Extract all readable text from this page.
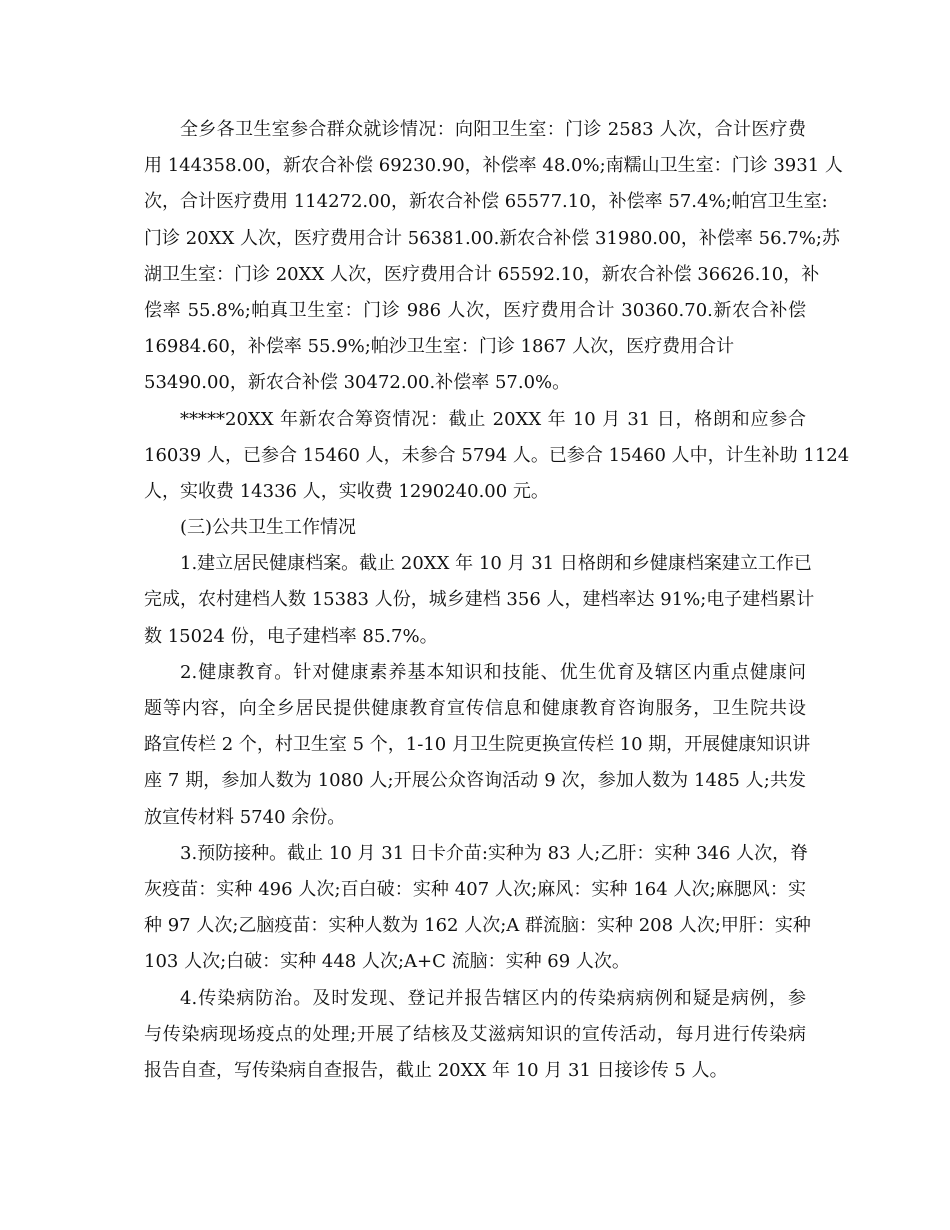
全乡各卫生室参合群众就诊情况：向阳卫生室：门诊 2583 人次，合计医疗费
用 144358.00，新农合补偿 69230.90，补偿率 48.0%;南糯山卫生室：门诊 3931 人
次，合计医疗费用 114272.00，新农合补偿 65577.10，补偿率 57.4%;帕宫卫生室:
门诊 20XX 人次，医疗费用合计 56381.00.新农合补偿 31980.00，补偿率 56.7%;苏
湖卫生室：门诊 20XX 人次，医疗费用合计 65592.10，新农合补偿 36626.10，补
偿率 55.8%;帕真卫生室：门诊 986 人次，医疗费用合计 30360.70.新农合补偿
16984.60，补偿率 55.9%;帕沙卫生室：门诊 1867 人次，医疗费用合计
53490.00，新农合补偿 30472.00.补偿率 57.0%。
*****20XX 年新农合筹资情况：截止 20XX 年 10 月 31 日，格朗和应参合
16039 人，已参合 15460 人，未参合 5794 人。已参合 15460 人中，计生补助 1124
人，实收费 14336 人，实收费 1290240.00 元。
(三)公共卫生工作情况
1.建立居民健康档案。截止 20XX 年 10 月 31 日格朗和乡健康档案建立工作已
完成，农村建档人数 15383 人份，城乡建档 356 人，建档率达 91%;电子建档累计
数 15024 份，电子建档率 85.7%。
2.健康教育。针对健康素养基本知识和技能、优生优育及辖区内重点健康问
题等内容，向全乡居民提供健康教育宣传信息和健康教育咨询服务，卫生院共设
路宣传栏 2 个，村卫生室 5 个，1-10 月卫生院更换宣传栏 10 期，开展健康知识讲
座 7 期，参加人数为 1080 人;开展公众咨询活动 9 次，参加人数为 1485 人;共发
放宣传材料 5740 余份。
3.预防接种。截止 10 月 31 日卡介苗:实种为 83 人;乙肝：实种 346 人次，脊
灰疫苗：实种 496 人次;百白破：实种 407 人次;麻风：实种 164 人次;麻腮风：实
种 97 人次;乙脑疫苗：实种人数为 162 人次;A 群流脑：实种 208 人次;甲肝：实种
103 人次;白破：实种 448 人次;A+C 流脑：实种 69 人次。
4.传染病防治。及时发现、登记并报告辖区内的传染病病例和疑是病例，参
与传染病现场疫点的处理;开展了结核及艾滋病知识的宣传活动，每月进行传染病
报告自查，写传染病自查报告，截止 20XX 年 10 月 31 日接诊传 5 人。
